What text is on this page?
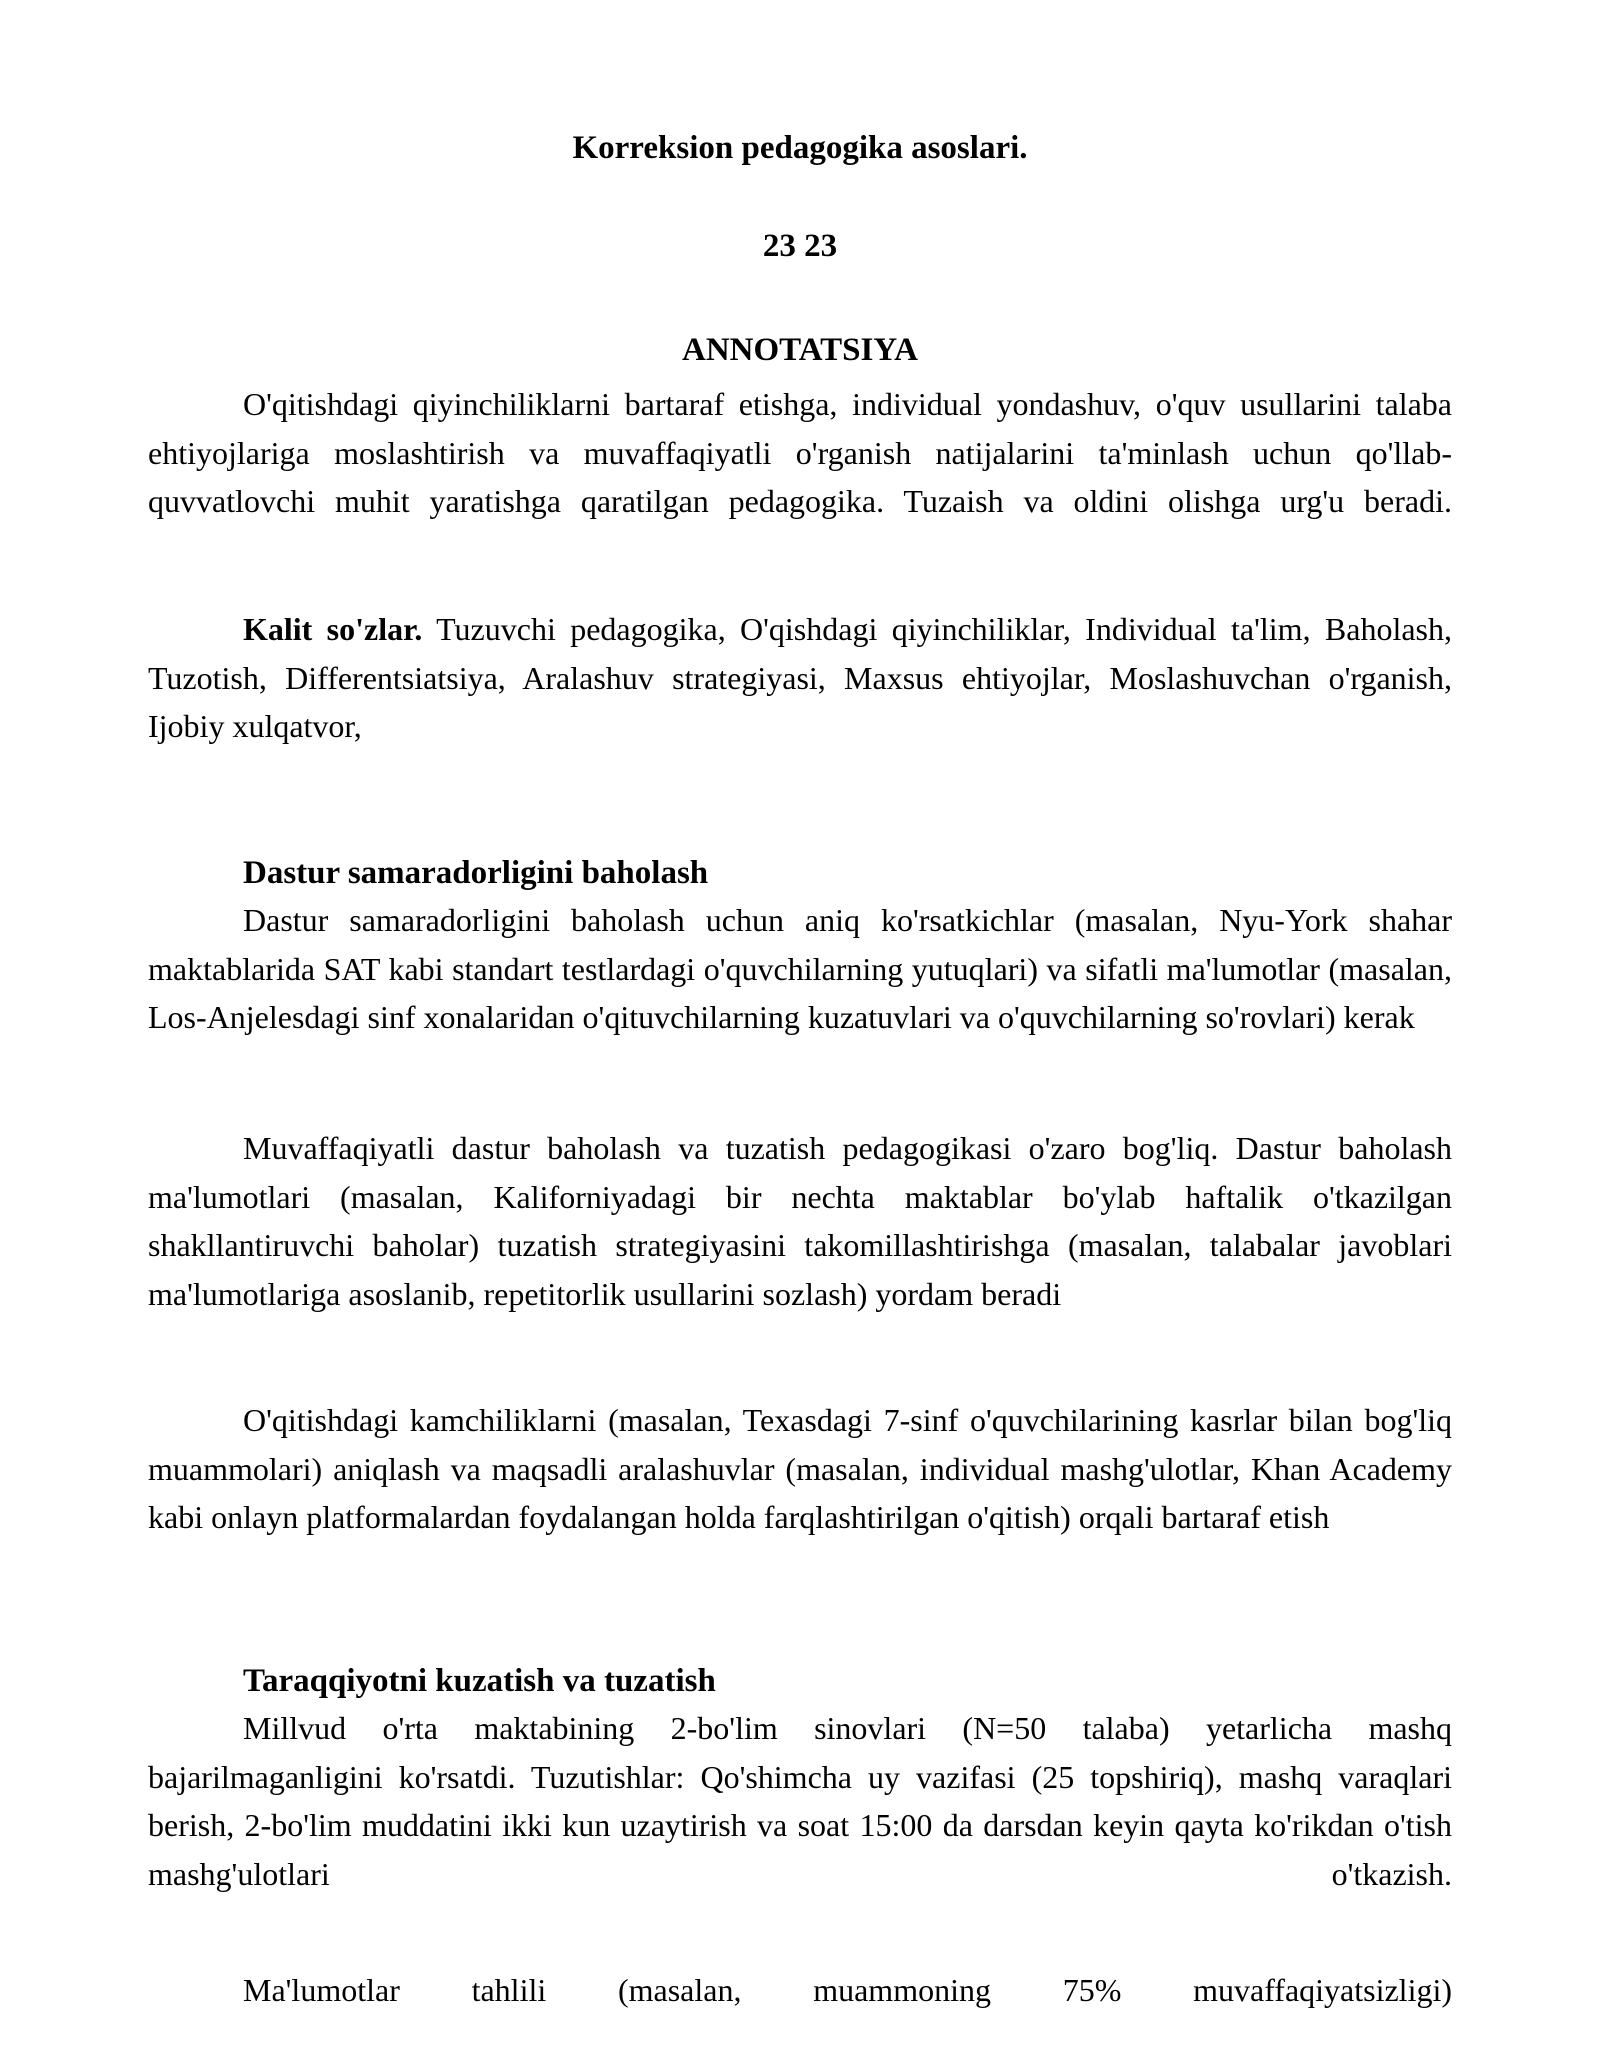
Korreksion pedagogika asoslari.

23 23

ANNOTATSIYA

O'qitishdagi qiyinchiliklarni bartaraf etishga, individual yondashuv, o'quv usullarini talaba ehtiyojlariga moslashtirish va muvaffaqiyatli o'rganish natijalarini ta'minlash uchun qo'llab-quvvatlovchi muhit yaratishga qaratilgan pedagogika. Tuzaish va oldini olishga urg'u beradi.

Kalit so'zlar. Tuzuvchi pedagogika, O'qishdagi qiyinchiliklar, Individual ta'lim, Baholash, Tuzotish, Differentsiatsiya, Aralashuv strategiyasi, Maxsus ehtiyojlar, Moslashuvchan o'rganish, Ijobiy xulqatvor,

Dastur samaradorligini baholash

Dastur samaradorligini baholash uchun aniq ko'rsatkichlar (masalan, Nyu-York shahar maktablarida SAT kabi standart testlardagi o'quvchilarning yutuqlari) va sifatli ma'lumotlar (masalan, Los-Anjelesdagi sinf xonalaridan o'qituvchilarning kuzatuvlari va o'quvchilarning so'rovlari) kerak

Muvaffaqiyatli dastur baholash va tuzatish pedagogikasi o'zaro bog'liq. Dastur baholash ma'lumotlari (masalan, Kaliforniyadagi bir nechta maktablar bo'ylab haftalik o'tkazilgan shakllantiruvchi baholar) tuzatish strategiyasini takomillashtirishga (masalan, talabalar javoblari ma'lumotlariga asoslanib, repetitorlik usullarini sozlash) yordam beradi

O'qitishdagi kamchiliklarni (masalan, Texasdagi 7-sinf o'quvchilarining kasrlar bilan bog'liq muammolari) aniqlash va maqsadli aralashuvlar (masalan, individual mashg'ulotlar, Khan Academy kabi onlayn platformalardan foydalangan holda farqlashtirilgan o'qitish) orqali bartaraf etish

Taraqqiyotni kuzatish va tuzatish

Millvud o'rta maktabining 2-bo'lim sinovlari (N=50 talaba) yetarlicha mashq bajarilmaganligini ko'rsatdi. Tuzutishlar: Qo'shimcha uy vazifasi (25 topshiriq), mashq varaqlari berish, 2-bo'lim muddatini ikki kun uzaytirish va soat 15:00 da darsdan keyin qayta ko'rikdan o'tish mashg'ulotlari o'tkazish.

Ma'lumotlar tahlili (masalan, muammoning 75% muvaffaqiyatsizligi)
